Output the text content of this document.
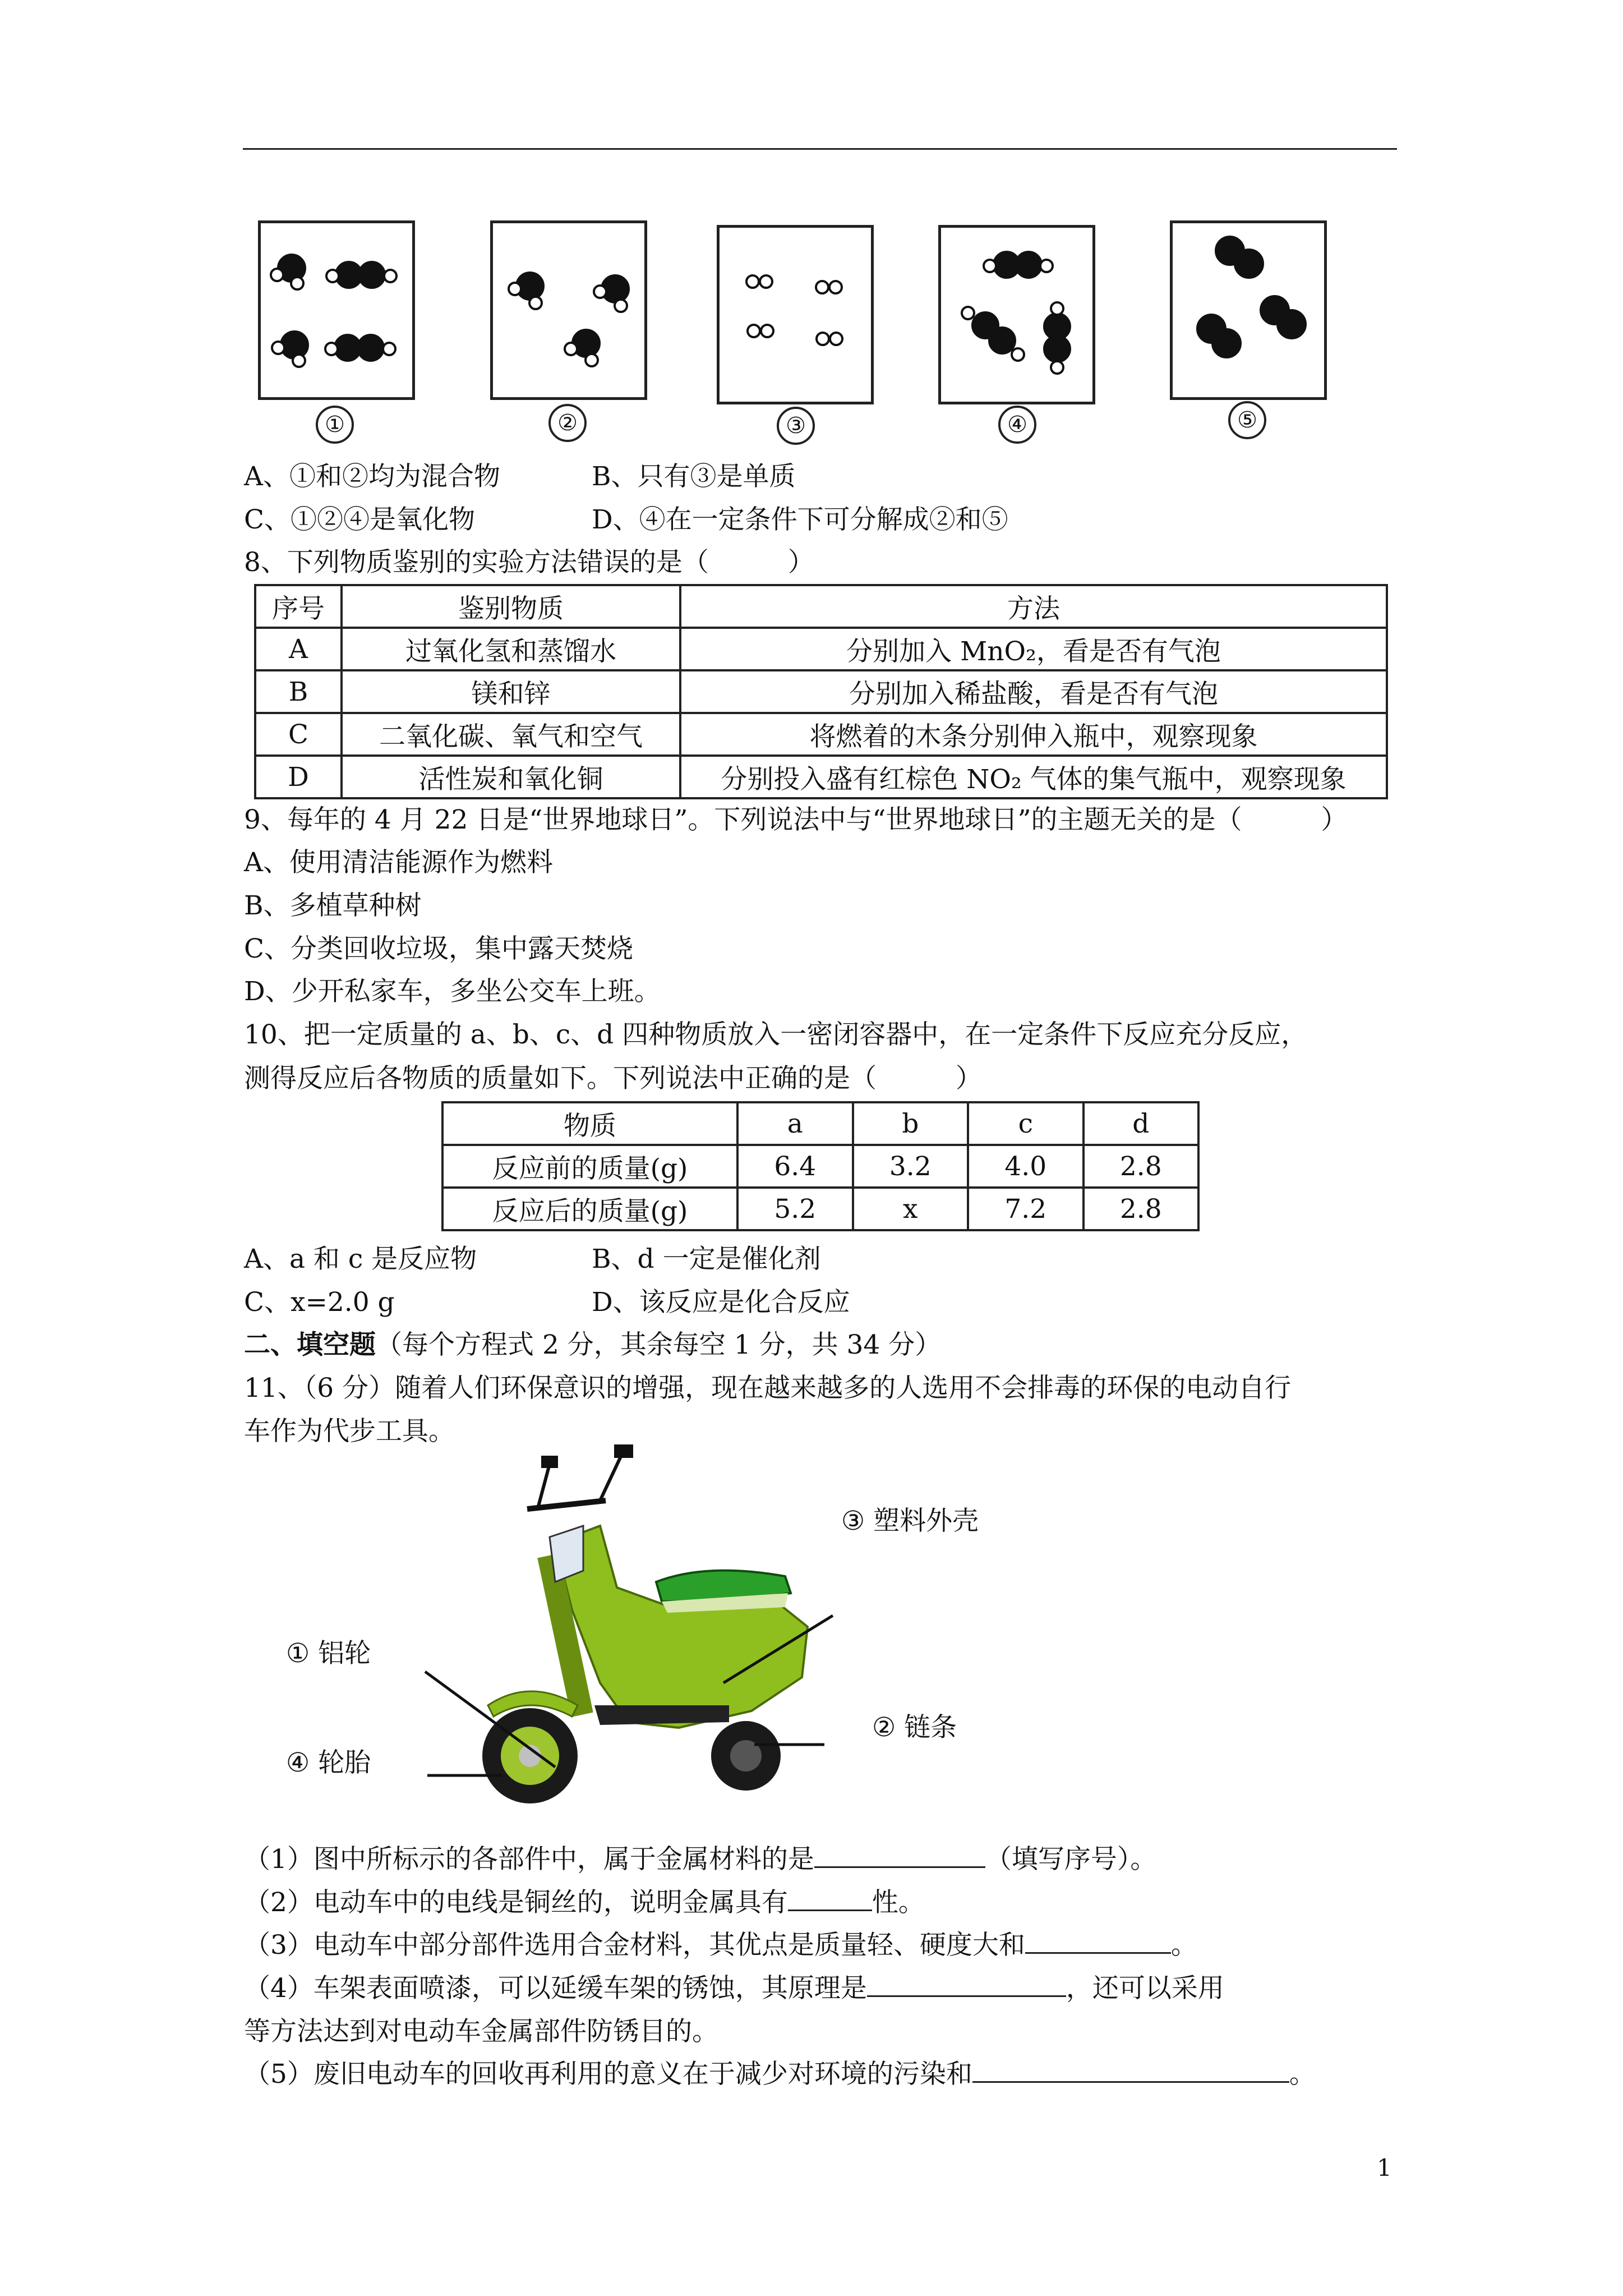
①	②	③	④	⑤
A、①和②均为混合物	B、只有③是单质
C、①②④是氧化物	D、④在一定条件下可分解成②和⑤
8、下列物质鉴别的实验方法错误的是（　　　）
序号	鉴别物质	方法
A	过氧化氢和蒸馏水	分别加入 MnO₂，看是否有气泡
B	镁和锌	分别加入稀盐酸，看是否有气泡
C	二氧化碳、氧气和空气	将燃着的木条分别伸入瓶中，观察现象
D	活性炭和氧化铜	分别投入盛有红棕色 NO₂ 气体的集气瓶中，观察现象
9、每年的 4 月 22 日是“世界地球日”。下列说法中与“世界地球日”的主题无关的是（　　　）
A、使用清洁能源作为燃料
B、多植草种树
C、分类回收垃圾，集中露天焚烧
D、少开私家车，多坐公交车上班。
10、把一定质量的 a、b、c、d 四种物质放入一密闭容器中，在一定条件下反应充分反应，
测得反应后各物质的质量如下。下列说法中正确的是（　　　）
物质	a	b	c	d
反应前的质量(g)	6.4	3.2	4.0	2.8
反应后的质量(g)	5.2	x	7.2	2.8
A、a 和 c 是反应物	B、d 一定是催化剂
C、x=2.0 g	D、该反应是化合反应
二、填空题（每个方程式 2 分，其余每空 1 分，共 34 分）
11、（6 分）随着人们环保意识的增强，现在越来越多的人选用不会排毒的环保的电动自行
车作为代步工具。
③ 塑料外壳
① 铝轮
② 链条
④ 轮胎
（1）图中所标示的各部件中，属于金属材料的是	（填写序号）。
（2）电动车中的电线是铜丝的，说明金属具有	性。
（3）电动车中部分部件选用合金材料，其优点是质量轻、硬度大和	。
（4）车架表面喷漆，可以延缓车架的锈蚀，其原理是	，还可以采用
等方法达到对电动车金属部件防锈目的。
（5）废旧电动车的回收再利用的意义在于减少对环境的污染和	。
1
